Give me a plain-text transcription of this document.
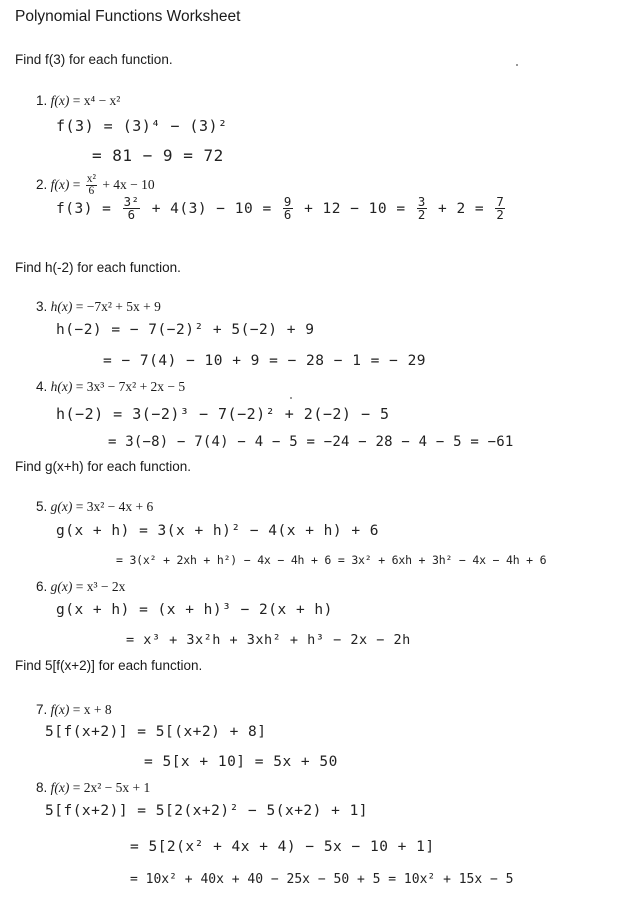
Polynomial Functions Worksheet
Find f(3) for each function.
1. f(x) = x⁴ − x²
f(3) = (3)⁴ − (3)²
= 81 − 9 = 72
2. $f(x) = \frac{\text{x²}}{6} + 4x - 10$
$f(3) = \frac{\text{3²}}{6} + 4(3) - 10 = \frac{9}{6} + 12 - 10 = \frac{3}{2} + 2 = \frac{7}{2}$
Find h(-2) for each function.
3. h(x) = −7x² + 5x + 9
h(−2) = − 7(−2)² + 5(−2) + 9
= − 7(4) − 10 + 9 = − 28 − 1 = − 29
4. h(x) = 3x³ − 7x² + 2x − 5
h(−2) = 3(−2)³ − 7(−2)² + 2(−2) − 5
= 3(−8) − 7(4) − 4 − 5 = −24 − 28 − 4 − 5 = −61
Find g(x+h) for each function.
5. g(x) = 3x² − 4x + 6
g(x + h) = 3(x + h)² − 4(x + h) + 6
= 3(x² + 2xh + h²) − 4x − 4h + 6 = 3x² + 6xh + 3h² − 4x − 4h + 6
6. g(x) = x³ − 2x
g(x + h) = (x + h)³ − 2(x + h)
= x³ + 3x²h + 3xh² + h³ − 2x − 2h
Find 5[f(x+2)] for each function.
7. f(x) = x + 8
5[f(x+2)] = 5[(x+2) + 8]
= 5[x + 10] = 5x + 50
8. f(x) = 2x² − 5x + 1
5[f(x+2)] = 5[2(x+2)² − 5(x+2) + 1]
= 5[2(x² + 4x + 4) − 5x − 10 + 1]
= 10x² + 40x + 40 − 25x − 50 + 5 = 10x² + 15x − 5
